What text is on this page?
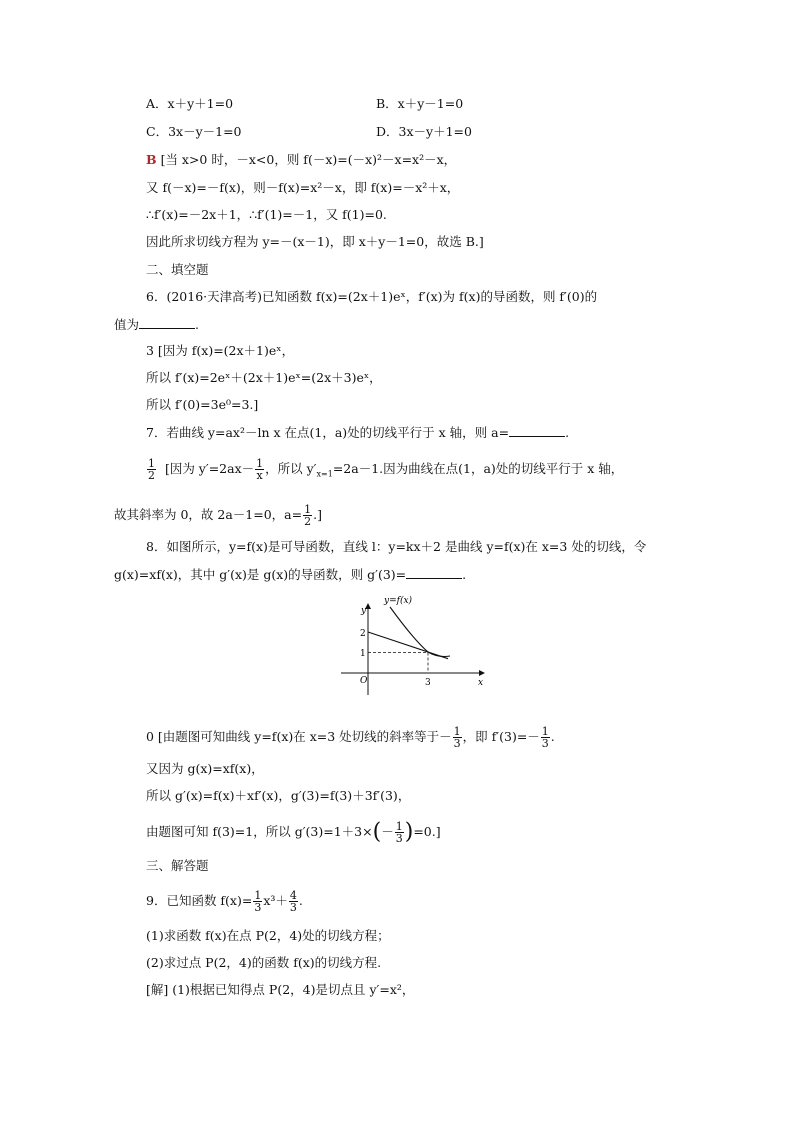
A．x＋y＋1=0	B．x＋y－1=0
C．3x－y－1=0	D．3x－y＋1=0
B [当 x>0 时，－x<0，则 f(－x)=(－x)²－x=x²－x，
又 f(－x)=－f(x)，则－f(x)=x²－x，即 f(x)=－x²＋x，
∴f′(x)=－2x＋1，∴f′(1)=－1，又 f(1)=0.
因此所求切线方程为 y=－(x－1)，即 x＋y－1=0，故选 B.]
二、填空题
6．(2016·天津高考)已知函数 f(x)=(2x＋1)eˣ，f′(x)为 f(x)的导函数，则 f′(0)的
值为	.
3 [因为 f(x)=(2x＋1)eˣ，
所以 f′(x)=2eˣ＋(2x＋1)eˣ=(2x＋3)eˣ，
所以 f′(0)=3e⁰=3.]
7．若曲线 y=ax²－ln x 在点(1，a)处的切线平行于 x 轴，则 a=	.
$\frac{1}{2}$ [因为 $y'=2ax- \frac{1}{x}$ ，所以 $y'_{x=1}=2a-1$.因为曲线在点(1，a)处的切线平行于 x 轴，
故其斜率为 0，故 2a－1=0，$a= \frac{1}{2}$ .]
8．如图所示，y=f(x)是可导函数，直线 l：y=kx＋2 是曲线 y=f(x)在 x=3 处的切线，令
g(x)=xf(x)，其中 g′(x)是 g(x)的导函数，则 g′(3)=	.
y=f(x)
y
x
O
2
1
3
0 [由题图可知曲线 y=f(x)在 x=3 处切线的斜率等于－ $\frac{1}{3}$ ，即 $f'(3)=- \frac{1}{3}$ .
又因为 g(x)=xf(x)，
所以 g′(x)=f(x)＋xf′(x)，g′(3)=f(3)＋3f′(3)，
由题图可知 f(3)=1，所以 $g'(3)=1+3\times(- \frac{1}{3} )=0$.]
三、解答题
9．已知函数 $f(x)= \frac{1}{3} x^3+ \frac{4}{3}$ .
(1)求函数 f(x)在点 P(2，4)处的切线方程；
(2)求过点 P(2，4)的函数 f(x)的切线方程.
[解] (1)根据已知得点 P(2，4)是切点且 y′=x²，
